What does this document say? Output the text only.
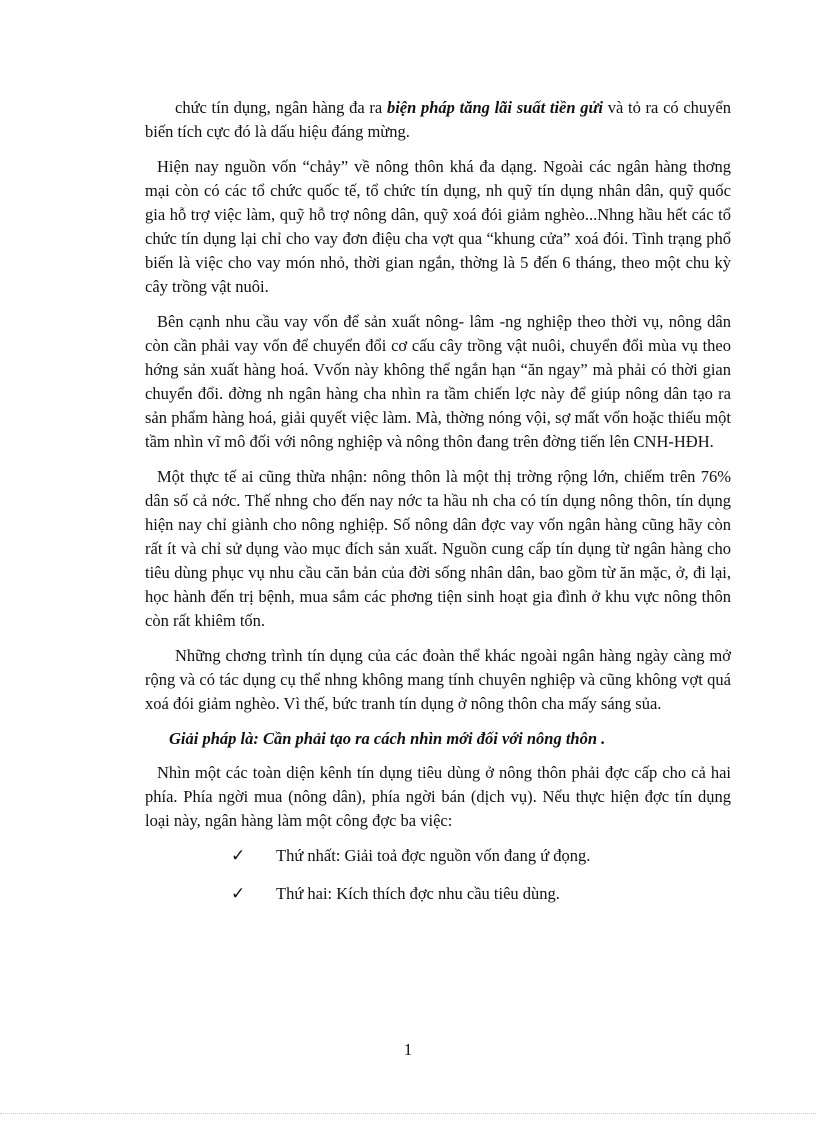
chức tín dụng, ngân hàng đa ra biện pháp tăng lãi suất tiền gửi và tỏ ra có chuyển biến tích cực đó là dấu hiệu đáng mừng.

Hiện nay nguồn vốn “chảy” về nông thôn khá đa dạng. Ngoài các ngân hàng thơng mại còn có các tổ chức quốc tế, tổ chức tín dụng, nh quỹ tín dụng nhân dân, quỹ quốc gia hỗ trợ việc làm, quỹ hỗ trợ nông dân, quỹ xoá đói giảm nghèo...Nhng hầu hết các tổ chức tín dụng lại chỉ cho vay đơn điệu cha vợt qua “khung cửa” xoá đói. Tình trạng phổ biến là việc cho vay món nhỏ, thời gian ngắn, thờng là 5 đến 6 tháng, theo một chu kỳ cây trồng vật nuôi.

Bên cạnh nhu cầu vay vốn để sản xuất nông- lâm -ng nghiệp theo thời vụ, nông dân còn cần phải vay vốn để chuyển đổi cơ cấu cây trồng vật nuôi, chuyển đổi mùa vụ theo hớng sản xuất hàng hoá. Vvốn này không thể ngắn hạn “ăn ngay” mà phải có thời gian chuyển đổi. đờng nh ngân hàng cha nhìn ra tầm chiến lợc này để giúp nông dân tạo ra sản phẩm hàng hoá, giải quyết việc làm. Mà, thờng nóng vội, sợ mất vốn hoặc thiếu một tầm nhìn vĩ mô đối với nông nghiệp và nông thôn đang trên đờng tiến lên CNH-HĐH.

Một thực tế ai cũng thừa nhận: nông thôn là một thị trờng rộng lớn, chiếm trên 76% dân số cả nớc. Thế nhng cho đến nay nớc ta hầu nh cha có tín dụng nông thôn, tín dụng hiện nay chỉ giành cho nông nghiệp. Số nông dân đợc vay vốn ngân hàng cũng hãy còn rất ít và chỉ sử dụng vào mục đích sản xuất. Nguồn cung cấp tín dụng từ ngân hàng cho tiêu dùng phục vụ nhu cầu căn bản của đời sống nhân dân, bao gồm từ ăn mặc, ở, đi lại, học hành đến trị bệnh, mua sắm các phơng tiện sinh hoạt gia đình ở khu vực nông thôn còn rất khiêm tốn.

Những chơng trình tín dụng của các đoàn thể khác ngoài ngân hàng ngày càng mở rộng và có tác dụng cụ thể nhng không mang tính chuyên nghiệp và cũng không vợt quá xoá đói giảm nghèo. Vì thế, bức tranh tín dụng ở nông thôn cha mấy sáng sủa.

Giải pháp là: Cần phải tạo ra cách nhìn mới đối với nông thôn .

Nhìn một các toàn diện kênh tín dụng tiêu dùng ở nông thôn phải đợc cấp cho cả hai phía. Phía ngời mua (nông dân), phía ngời bán (dịch vụ). Nếu thực hiện đợc tín dụng loại này, ngân hàng làm một công đợc ba việc:

✓	Thứ nhất: Giải toả đợc nguồn vốn đang ứ đọng.
✓	Thứ hai: Kích thích đợc nhu cầu tiêu dùng.
1
